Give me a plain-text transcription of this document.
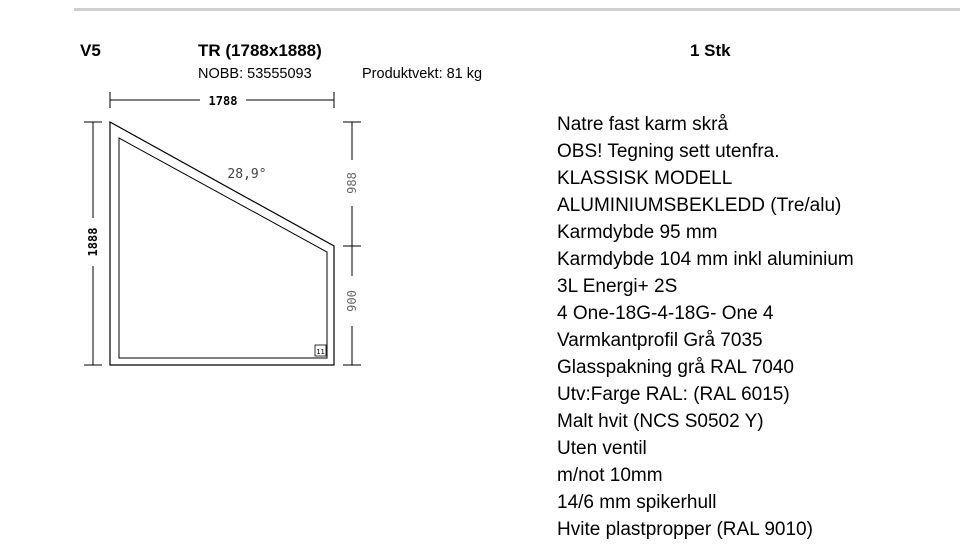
V5	TR (1788x1888)	1 Stk
NOBB: 53555093	Produktvekt: 81 kg
1788
1888
11
28,9°	988
900
Natre fast karm skrå
OBS! Tegning sett utenfra.
KLASSISK MODELL
ALUMINIUMSBEKLEDD (Tre/alu)
Karmdybde 95 mm
Karmdybde 104 mm inkl aluminium
3L Energi+ 2S
4 One-18G-4-18G- One 4
Varmkantprofil Grå 7035
Glasspakning grå RAL 7040
Utv:Farge RAL: (RAL 6015)
Malt hvit (NCS S0502 Y)
Uten ventil
m/not 10mm
14/6 mm spikerhull
Hvite plastpropper (RAL 9010)
